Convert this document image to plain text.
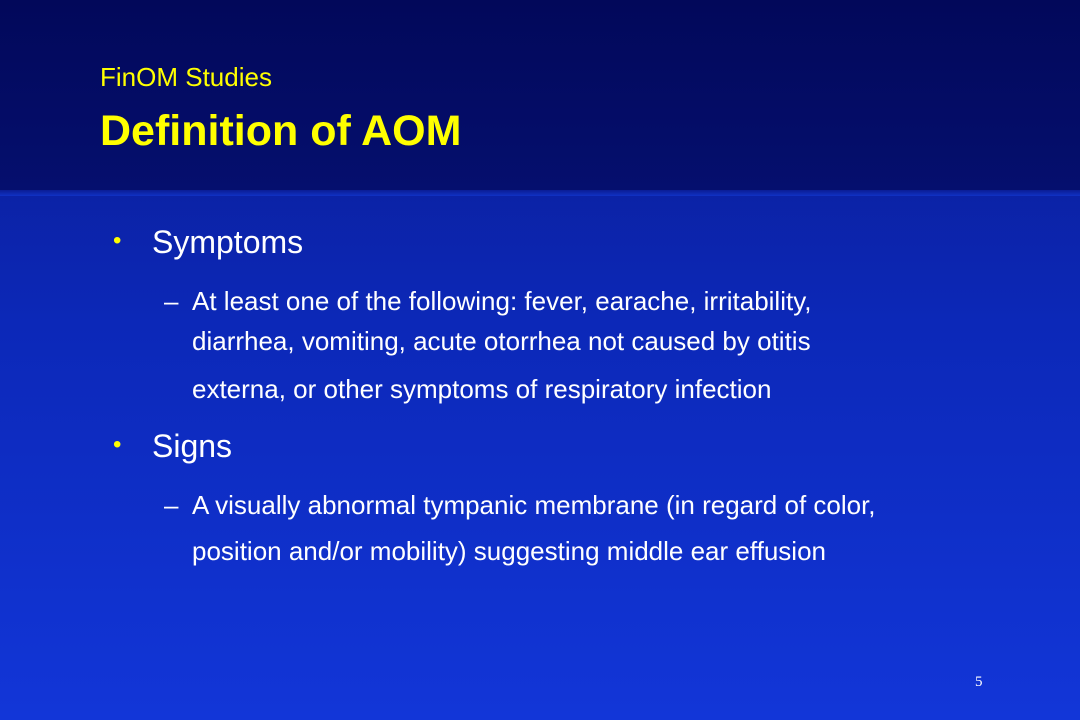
FinOM Studies
Definition of AOM
• Symptoms
– At least one of the following: fever, earache, irritability,
diarrhea, vomiting, acute otorrhea not caused by otitis
externa, or other symptoms of respiratory infection
• Signs
– A visually abnormal tympanic membrane (in regard of color,
position and/or mobility) suggesting middle ear effusion
5
